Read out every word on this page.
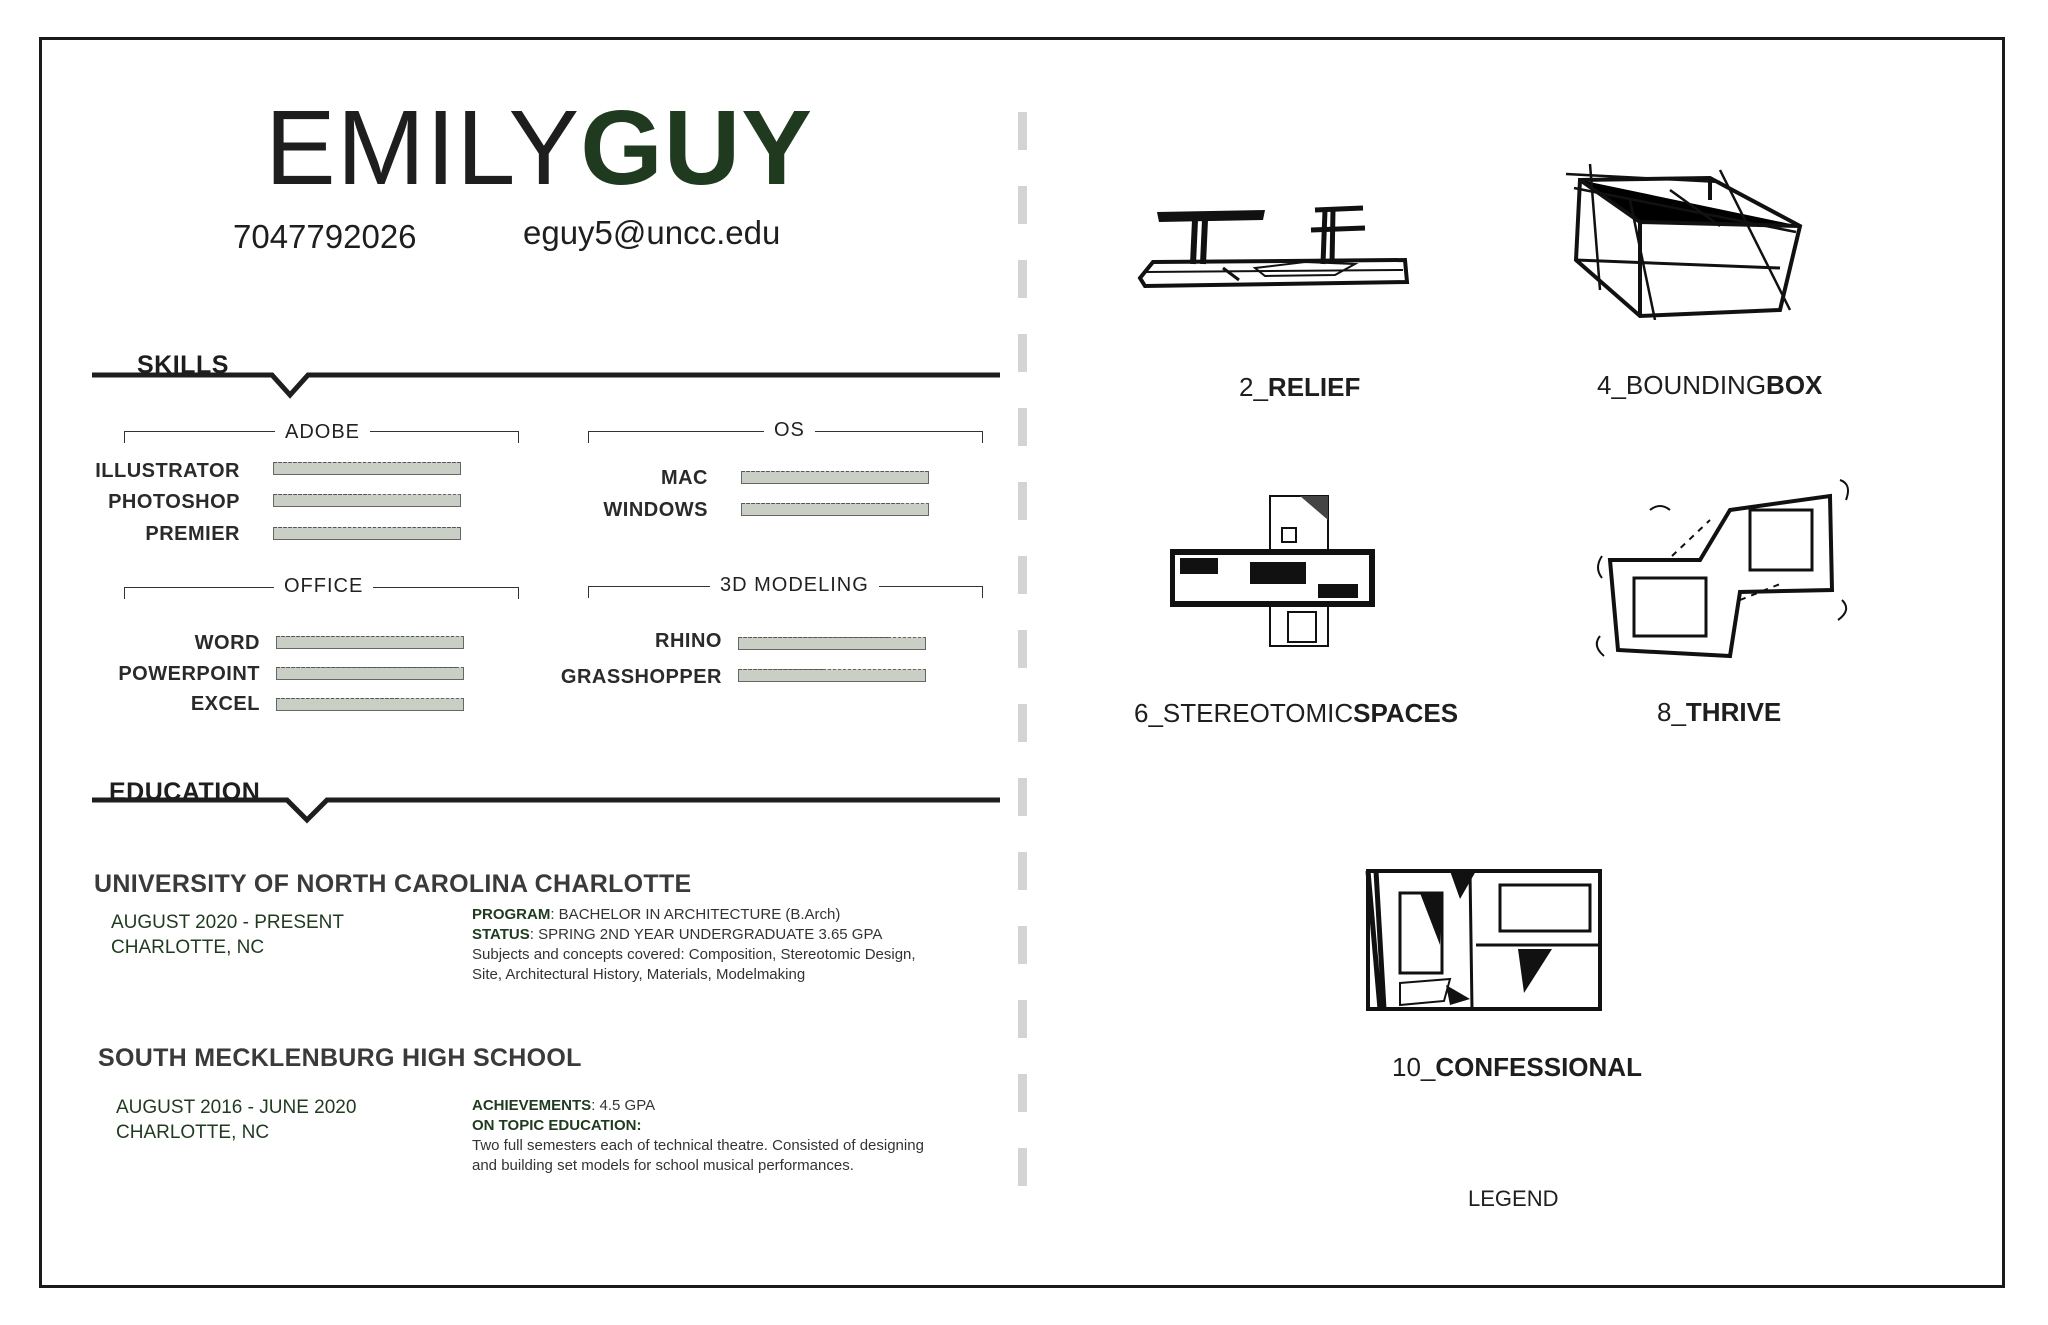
EMILYGUY
7047792026	eguy5@uncc.edu
SKILLS
ADOBE
ILLUSTRATOR
PHOTOSHOP
PREMIER
OS
MAC
WINDOWS
OFFICE
WORD
POWERPOINT
EXCEL
3D MODELING
RHINO
GRASSHOPPER
EDUCATION
UNIVERSITY OF NORTH CAROLINA CHARLOTTE
AUGUST 2020 - PRESENT
CHARLOTTE, NC
PROGRAM: BACHELOR IN ARCHITECTURE (B.Arch)
STATUS: SPRING 2ND YEAR UNDERGRADUATE 3.65 GPA
Subjects and concepts covered: Composition, Stereotomic Design, Site, Architectural History, Materials, Modelmaking
SOUTH MECKLENBURG HIGH SCHOOL
AUGUST 2016 - JUNE 2020
CHARLOTTE, NC
ACHIEVEMENTS: 4.5 GPA
ON TOPIC EDUCATION:
Two full semesters each of technical theatre. Consisted of designing and building set models for school musical performances.
2_RELIEF	4_BOUNDINGBOX
6_STEREOTOMICSPACES	8_THRIVE
10_CONFESSIONAL
LEGEND
